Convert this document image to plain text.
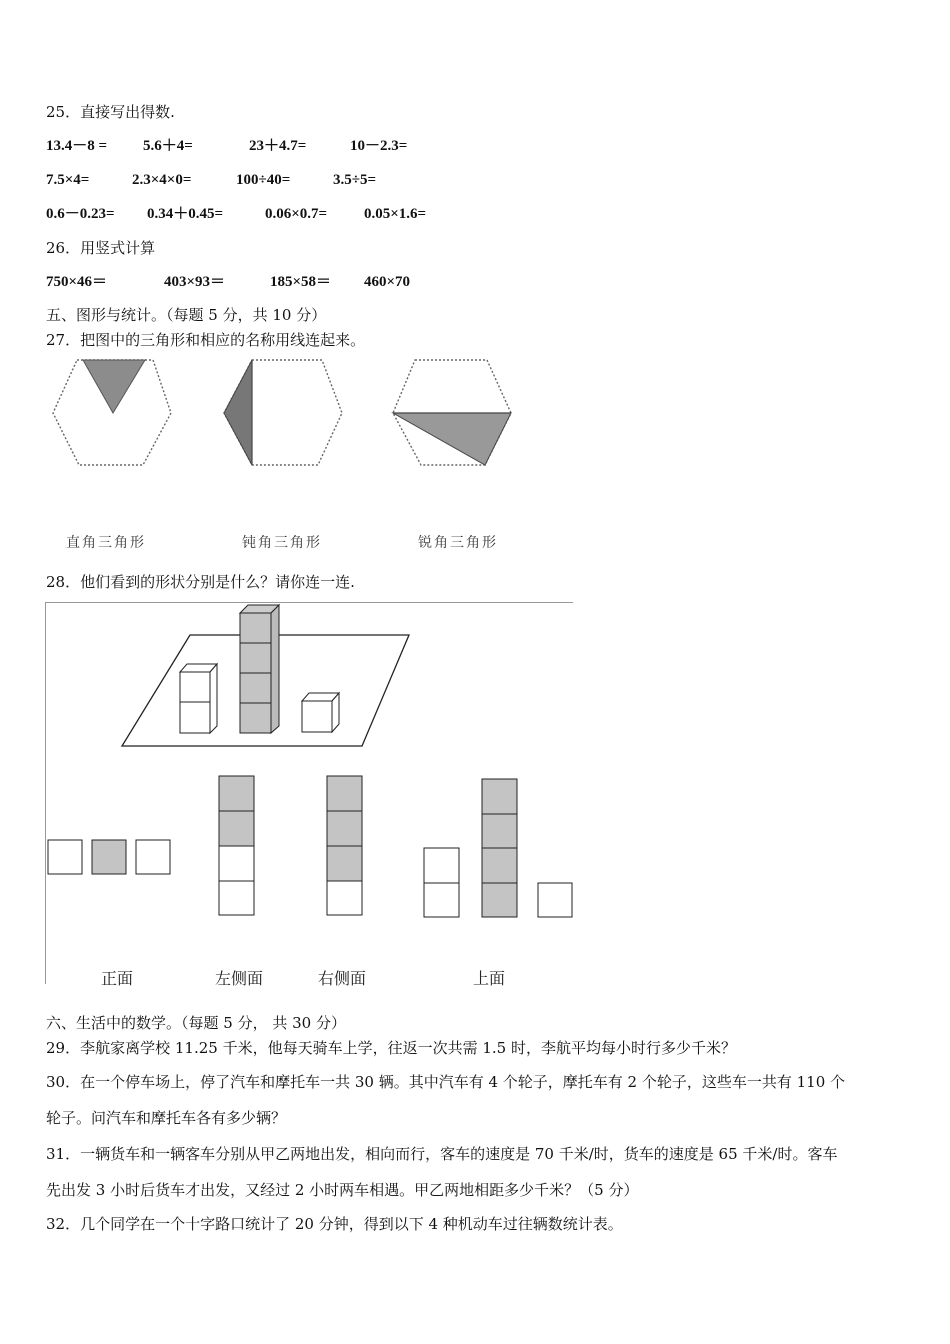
25．直接写出得数.
13.4－8 = 5.6＋4=	23＋4.7=	10－2.3=
7.5×4=	2.3×4×0=	100÷40=	3.5÷5=
0.6－0.23= 0.34＋0.45=	0.06×0.7= 0.05×1.6=
26．用竖式计算
750×46＝	403×93＝	185×58＝ 460×70
五、图形与统计。（每题 5 分，共 10 分）
27．把图中的三角形和相应的名称用线连起来。
直角三角形	钝角三角形	锐角三角形
28．他们看到的形状分别是什么？请你连一连.
正面	左侧面	右侧面	上面
六、生活中的数学。（每题 5 分， 共 30 分）
29．李航家离学校 11.25 千米，他每天骑车上学，往返一次共需 1.5 时，李航平均每小时行多少千米？
30．在一个停车场上，停了汽车和摩托车一共 30 辆。其中汽车有 4 个轮子，摩托车有 2 个轮子，这些车一共有 110 个
轮子。问汽车和摩托车各有多少辆？
31．一辆货车和一辆客车分别从甲乙两地出发，相向而行，客车的速度是 70 千米/时，货车的速度是 65 千米/时。客车
先出发 3 小时后货车才出发，又经过 2 小时两车相遇。甲乙两地相距多少千米？（5 分）
32．几个同学在一个十字路口统计了 20 分钟，得到以下 4 种机动车过往辆数统计表。
